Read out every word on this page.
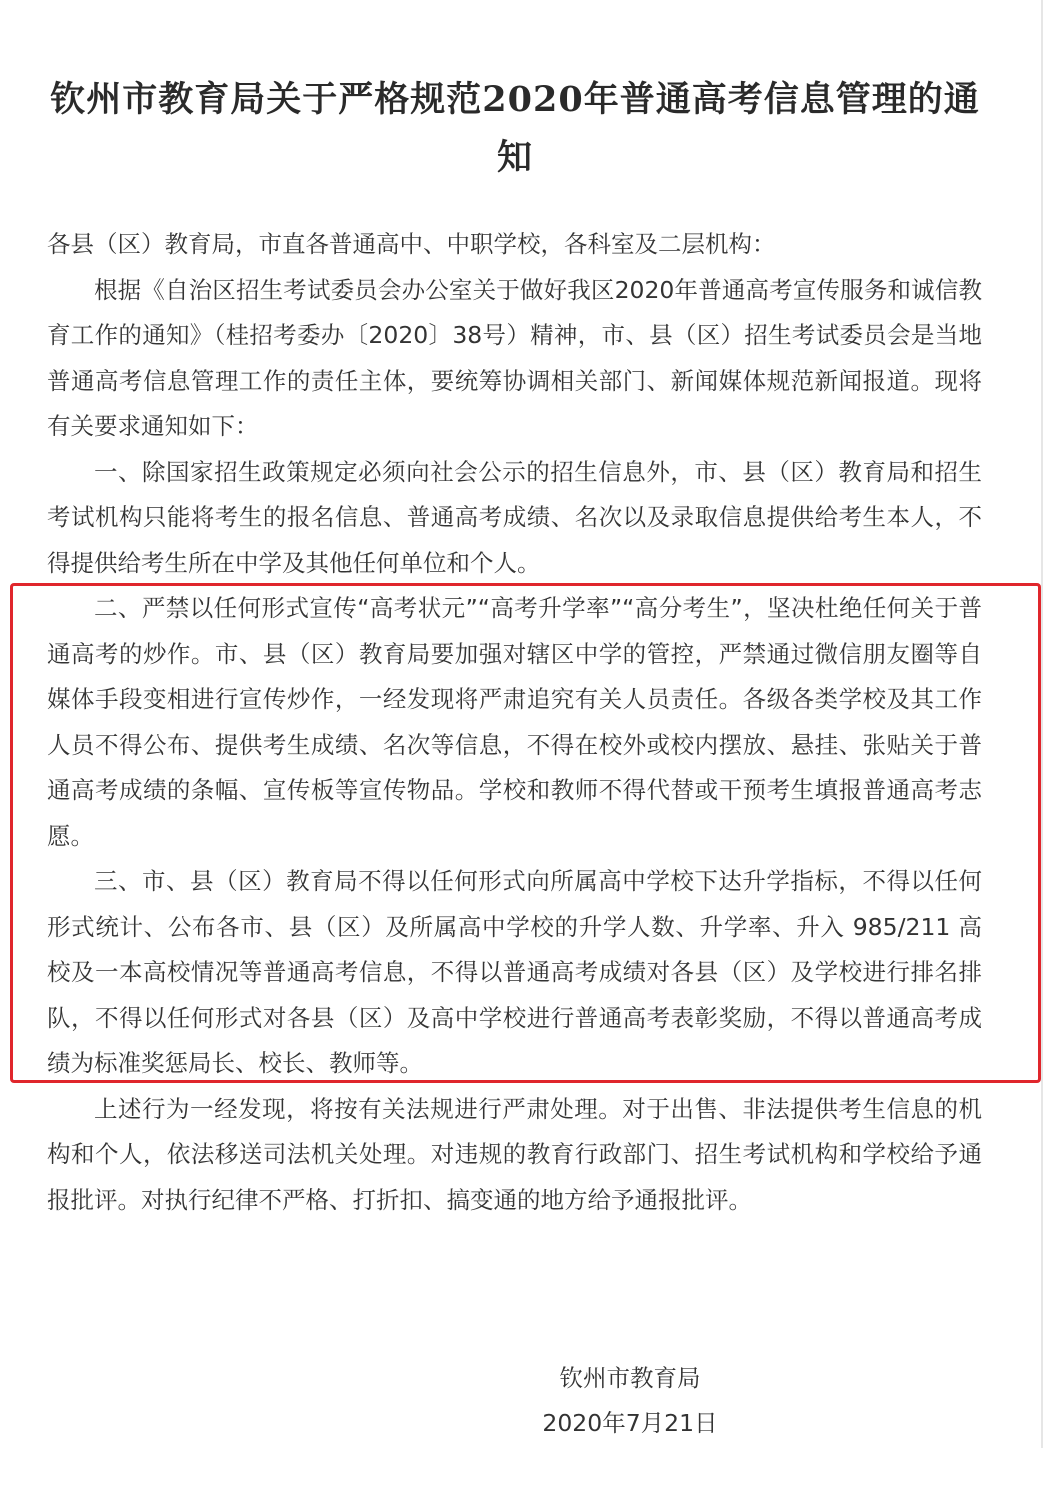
钦州市教育局关于严格规范2020年普通高考信息管理的通知

各县（区）教育局，市直各普通高中、中职学校，各科室及二层机构：

根据《自治区招生考试委员会办公室关于做好我区2020年普通高考宣传服务和诚信教育工作的通知》（桂招考委办〔2020〕38号）精神，市、县（区）招生考试委员会是当地普通高考信息管理工作的责任主体，要统筹协调相关部门、新闻媒体规范新闻报道。现将有关要求通知如下：

一、除国家招生政策规定必须向社会公示的招生信息外，市、县（区）教育局和招生考试机构只能将考生的报名信息、普通高考成绩、名次以及录取信息提供给考生本人，不得提供给考生所在中学及其他任何单位和个人。

二、严禁以任何形式宣传“高考状元”“高考升学率”“高分考生”，坚决杜绝任何关于普通高考的炒作。市、县（区）教育局要加强对辖区中学的管控，严禁通过微信朋友圈等自媒体手段变相进行宣传炒作，一经发现将严肃追究有关人员责任。各级各类学校及其工作人员不得公布、提供考生成绩、名次等信息，不得在校外或校内摆放、悬挂、张贴关于普通高考成绩的条幅、宣传板等宣传物品。学校和教师不得代替或干预考生填报普通高考志愿。

三、市、县（区）教育局不得以任何形式向所属高中学校下达升学指标，不得以任何形式统计、公布各市、县（区）及所属高中学校的升学人数、升学率、升入 985/211 高校及一本高校情况等普通高考信息，不得以普通高考成绩对各县（区）及学校进行排名排队，不得以任何形式对各县（区）及高中学校进行普通高考表彰奖励，不得以普通高考成绩为标准奖惩局长、校长、教师等。

上述行为一经发现，将按有关法规进行严肃处理。对于出售、非法提供考生信息的机构和个人，依法移送司法机关处理。对违规的教育行政部门、招生考试机构和学校给予通报批评。对执行纪律不严格、打折扣、搞变通的地方给予通报批评。

钦州市教育局
2020年7月21日
